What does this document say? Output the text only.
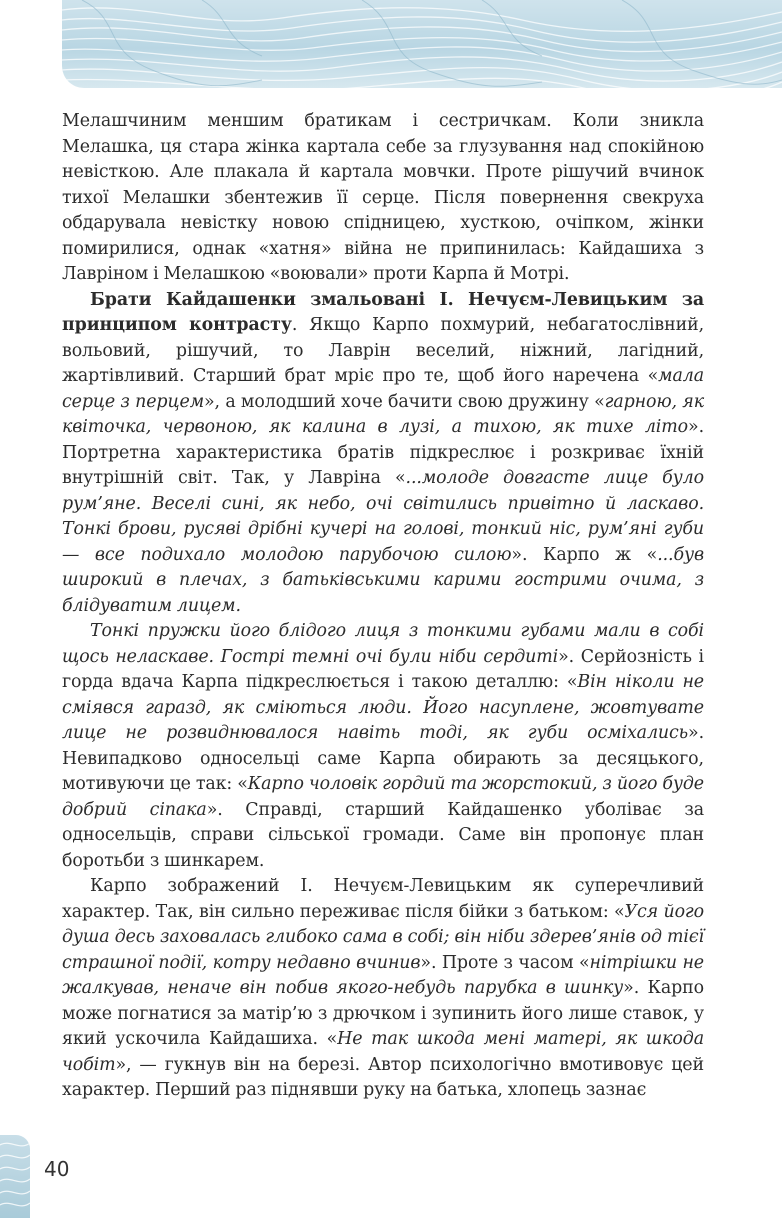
Мелашчиним меншим братикам і сестричкам. Коли зникла Мелашка, ця стара жінка картала себе за глузування над спокійною невісткою. Але плакала й картала мовчки. Проте рішучий вчинок тихої Мелашки збентежив її серце. Після повернення свекруха обдарувала невістку новою спідницею, хусткою, очіпком, жінки помирилися, однак «хатня» війна не припинилась: Кайдашиха з Лавріном і Мелашкою «воювали» проти Карпа й Мотрі.

Брати Кайдашенки змальовані І. Нечуєм-Левицьким за принципом контрасту. Якщо Карпо похмурий, небагатослівний, вольовий, рішучий, то Лаврін веселий, ніжний, лагідний, жартівливий. Старший брат мріє про те, щоб його наречена «мала серце з перцем», а молодший хоче бачити свою дружину «гарною, як квіточка, червоною, як калина в лузі, а тихою, як тихе літо». Портретна характеристика братів підкреслює і розкриває їхній внутрішній світ. Так, у Лавріна «...молоде довгасте лице було рум’яне. Веселі сині, як небо, очі світились привітно й ласкаво. Тонкі брови, русяві дрібні кучері на голові, тонкий ніс, рум’яні губи — все подихало молодою парубочою силою». Карпо ж «...був широкий в плечах, з батьківськими карими гострими очима, з блідуватим лицем.

Тонкі пружки його блідого лиця з тонкими губами мали в собі щось неласкаве. Гострі темні очі були ніби сердиті». Серйозність і горда вдача Карпа підкреслюється і такою деталлю: «Він ніколи не сміявся гаразд, як сміються люди. Його насуплене, жовтувате лице не розвиднювалося навіть тоді, як губи осміхались». Невипадково односельці саме Карпа обирають за десяцького, мотивуючи це так: «Карпо чоловік гордий та жорстокий, з його буде добрий сіпака». Справді, старший Кайдашенко уболіває за односельців, справи сільської громади. Саме він пропонує план боротьби з шинкарем.

Карпо зображений І. Нечуєм-Левицьким як суперечливий характер. Так, він сильно переживає після бійки з батьком: «Уся його душа десь заховалась глибоко сама в собі; він ніби здерев’янів од тієї страшної події, котру недавно вчинив». Проте з часом «нітрішки не жалкував, неначе він побив якого-небудь парубка в шинку». Карпо може погнатися за матір’ю з дрючком і зупинить його лише ставок, у який ускочила Кайдашиха. «Не так шкода мені матері, як шкода чобіт», — гукнув він на березі. Автор психологічно вмотивовує цей характер. Перший раз піднявши руку на батька, хлопець зазнає

40
